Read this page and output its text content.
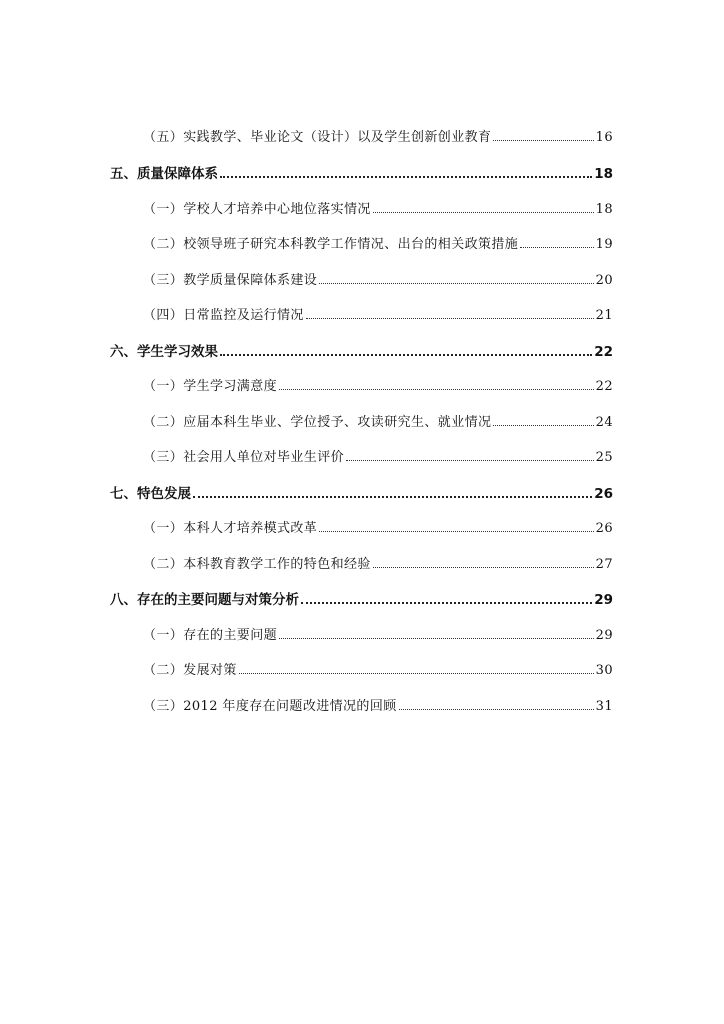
（五）实践教学、毕业论文（设计）以及学生创新创业教育	16
五、质量保障体系	18
（一）学校人才培养中心地位落实情况	18
（二）校领导班子研究本科教学工作情况、出台的相关政策措施	19
（三）教学质量保障体系建设	20
（四）日常监控及运行情况	21
六、学生学习效果	22
（一）学生学习满意度	22
（二）应届本科生毕业、学位授予、攻读研究生、就业情况	24
（三）社会用人单位对毕业生评价	25
七、特色发展	26
（一）本科人才培养模式改革	26
（二）本科教育教学工作的特色和经验	27
八、存在的主要问题与对策分析	29
（一）存在的主要问题	29
（二）发展对策	30
（三）2012 年度存在问题改进情况的回顾	31
